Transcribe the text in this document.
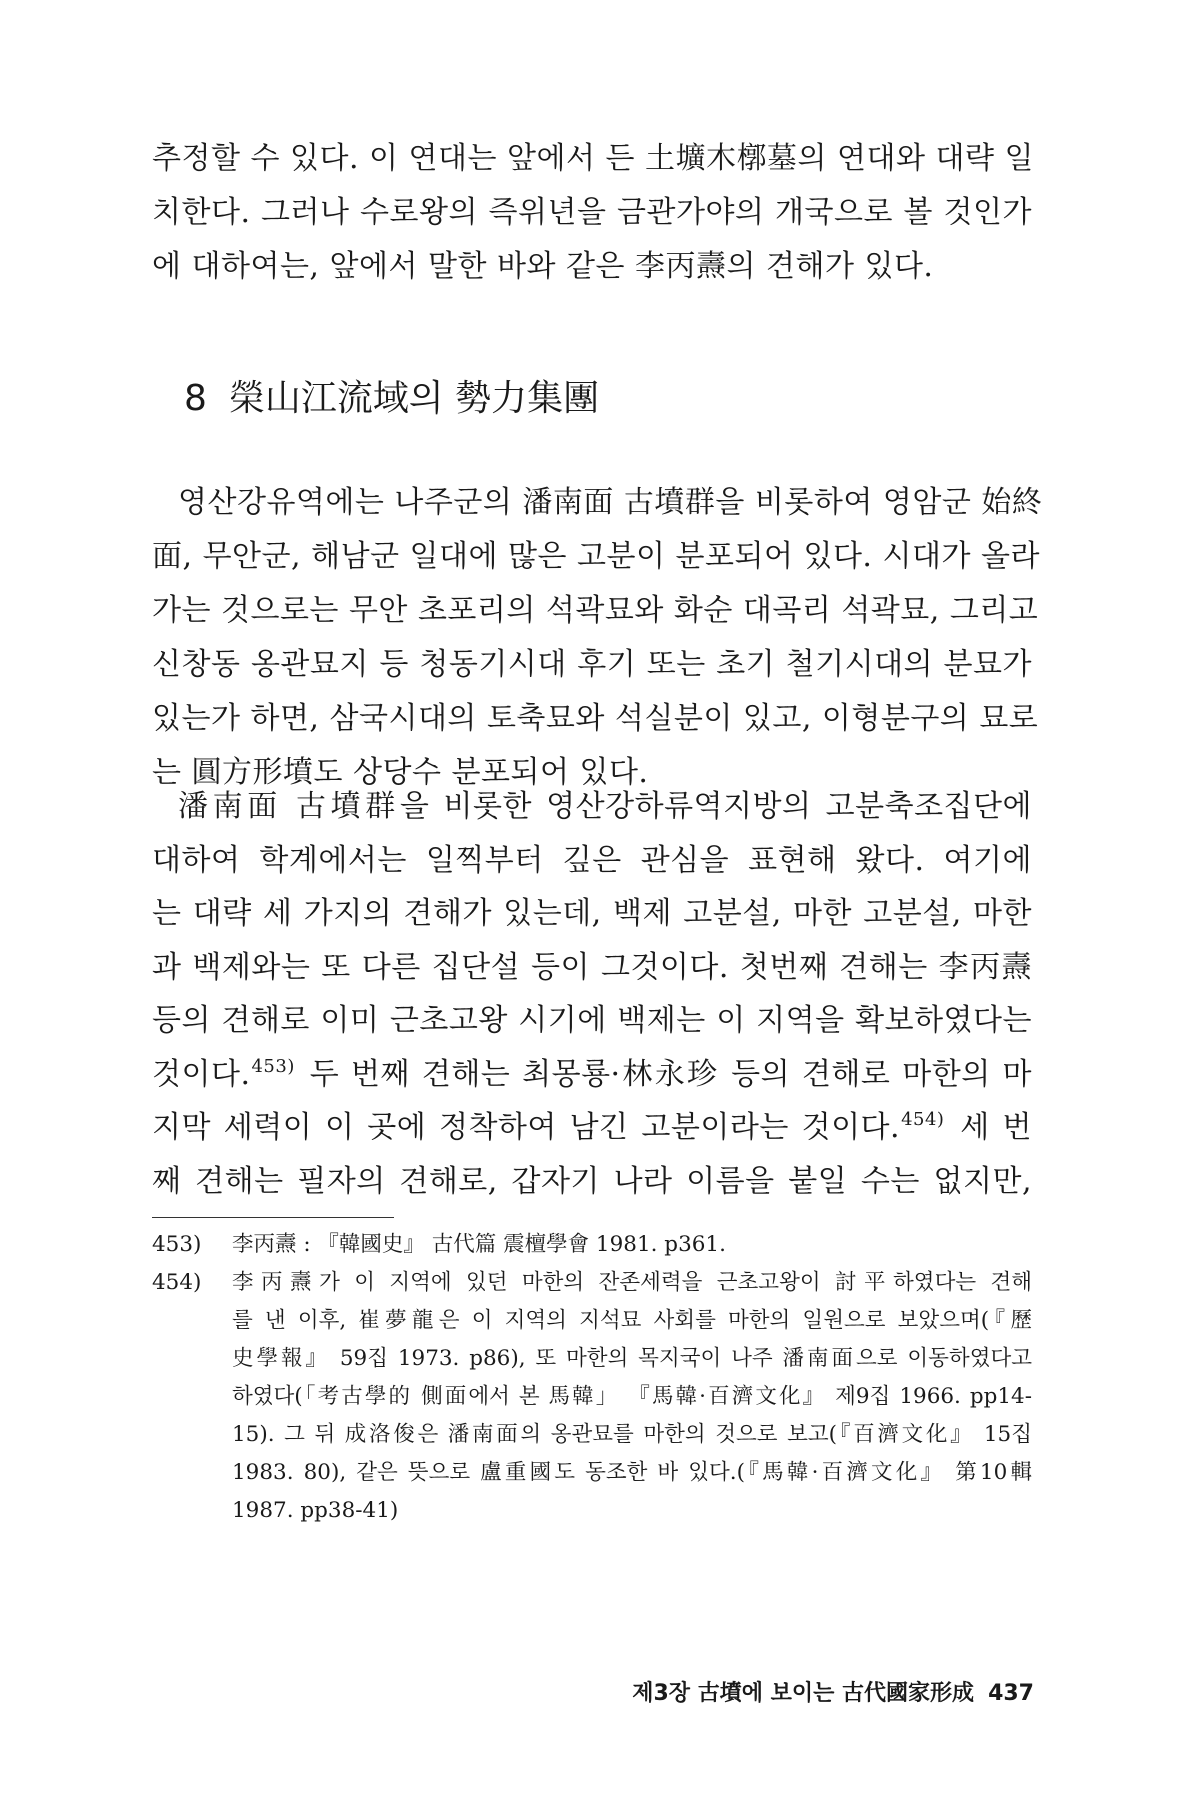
추정할 수 있다. 이 연대는 앞에서 든 土壙木槨墓의 연대와 대략 일
치한다. 그러나 수로왕의 즉위년을 금관가야의 개국으로 볼 것인가
에 대하여는, 앞에서 말한 바와 같은 李丙燾의 견해가 있다.
8 榮山江流域의 勢力集團
영산강유역에는 나주군의 潘南面 古墳群을 비롯하여 영암군 始終
面, 무안군, 해남군 일대에 많은 고분이 분포되어 있다. 시대가 올라
가는 것으로는 무안 초포리의 석곽묘와 화순 대곡리 석곽묘, 그리고
신창동 옹관묘지 등 청동기시대 후기 또는 초기 철기시대의 분묘가
있는가 하면, 삼국시대의 토축묘와 석실분이 있고, 이형분구의 묘로
는 圓方形墳도 상당수 분포되어 있다.
潘南面 古墳群을 비롯한 영산강하류역지방의 고분축조집단에
대하여 학계에서는 일찍부터 깊은 관심을 표현해 왔다. 여기에
는 대략 세 가지의 견해가 있는데, 백제 고분설, 마한 고분설, 마한
과 백제와는 또 다른 집단설 등이 그것이다. 첫번째 견해는 李丙燾
등의 견해로 이미 근초고왕 시기에 백제는 이 지역을 확보하였다는
것이다.$^{453)}$ 두 번째 견해는 최몽룡·林永珍 등의 견해로 마한의 마
지막 세력이 이 곳에 정착하여 남긴 고분이라는 것이다.$^{454)}$ 세 번
째 견해는 필자의 견해로, 갑자기 나라 이름을 붙일 수는 없지만,
453)	李丙燾 : 『韓國史』 古代篇 震檀學會 1981. p361.
454)	李丙燾가 이 지역에 있던 마한의 잔존세력을 근초고왕이 討平하였다는 견해
를 낸 이후, 崔夢龍은 이 지역의 지석묘 사회를 마한의 일원으로 보았으며(『歷
史學報』 59집 1973. p86), 또 마한의 목지국이 나주 潘南面으로 이동하였다고
하였다(「考古學的 側面에서 본 馬韓」 『馬韓·百濟文化』 제9집 1966. pp14-
15). 그 뒤 成洛俊은 潘南面의 옹관묘를 마한의 것으로 보고(『百濟文化』 15집
1983. 80), 같은 뜻으로 盧重國도 동조한 바 있다.(『馬韓·百濟文化』 第10輯
1987. pp38-41)
제3장 古墳에 보이는 古代國家形成 437
